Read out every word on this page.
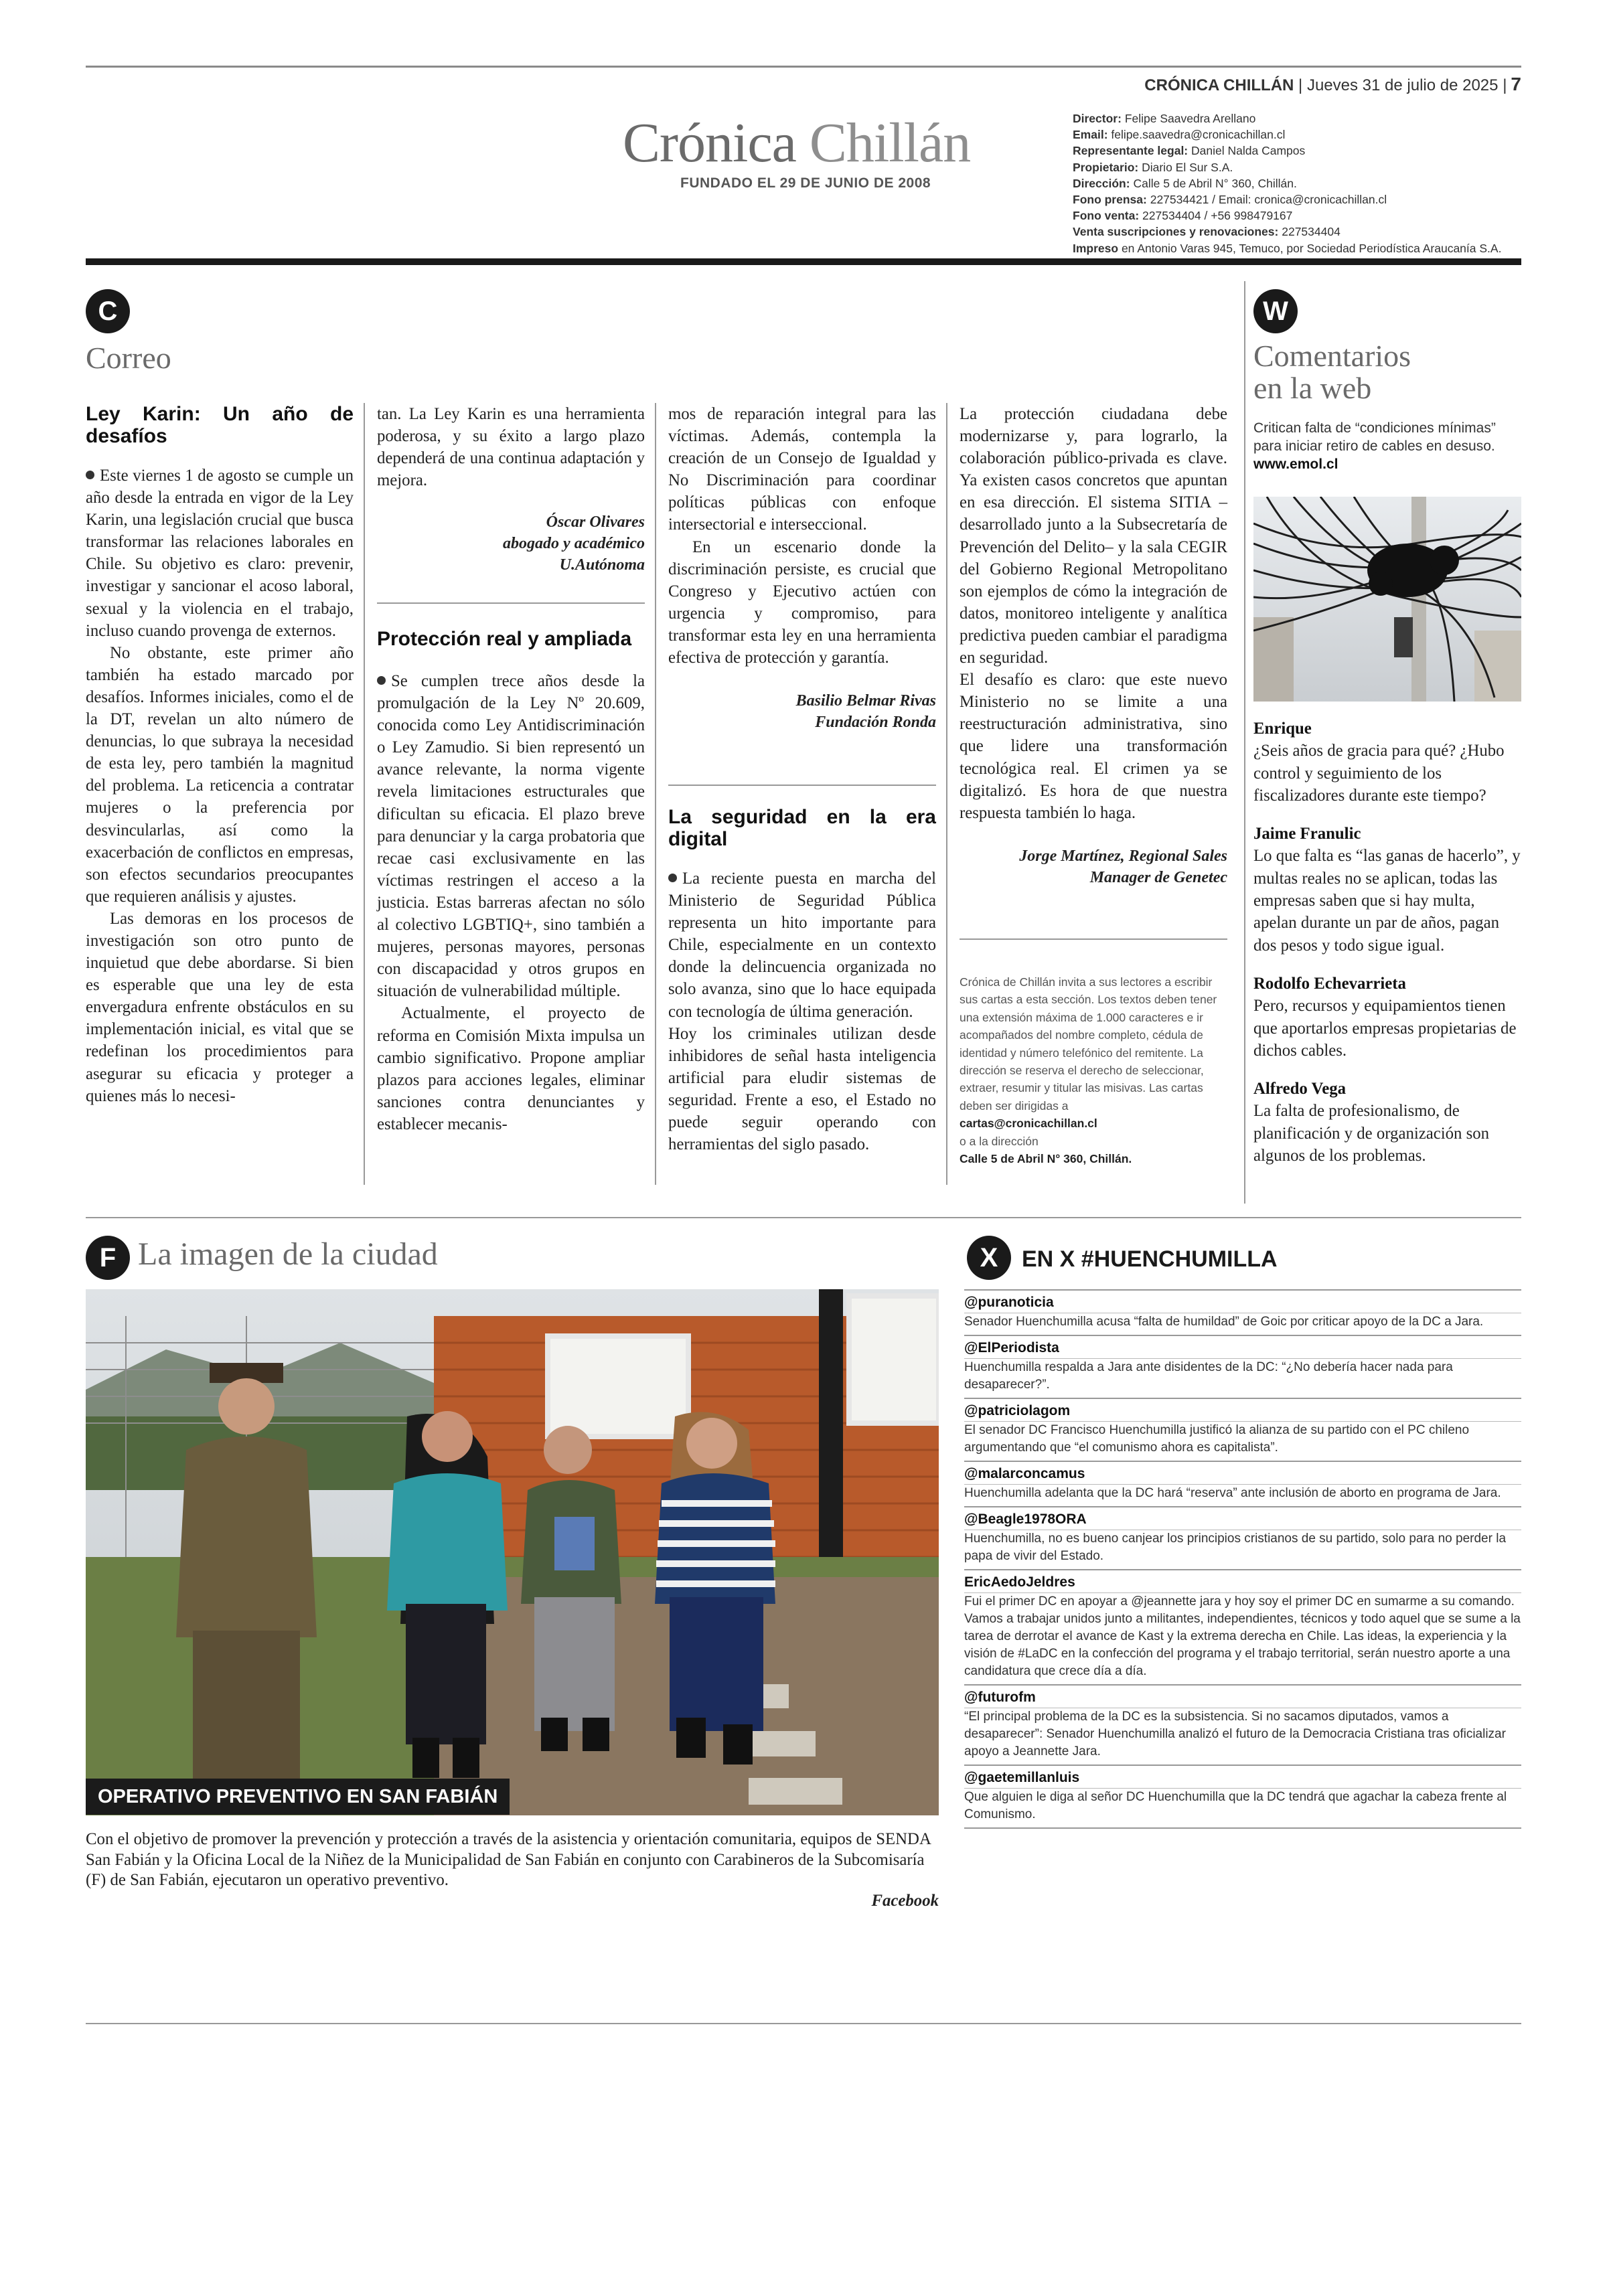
CRÓNICA CHILLÁN | Jueves 31 de julio de 2025 | 7
Crónica Chillán
FUNDADO EL 29 DE JUNIO DE 2008
Director: Felipe Saavedra Arellano
Email: felipe.saavedra@cronicachillan.cl
Representante legal: Daniel Nalda Campos
Propietario: Diario El Sur S.A.
Dirección: Calle 5 de Abril N° 360, Chillán.
Fono prensa: 227534421 / Email: cronica@cronicachillan.cl
Fono venta: 227534404 / +56 998479167
Venta suscripciones y renovaciones: 227534404
Impreso en Antonio Varas 945, Temuco, por Sociedad Periodística Araucanía S.A.
C
Correo
Ley Karin: Un año de desafíos

Este viernes 1 de agosto se cumple un año desde la entrada en vigor de la Ley Karin, una legislación crucial que busca transformar las relaciones laborales en Chile. Su objetivo es claro: prevenir, investigar y sancionar el acoso laboral, sexual y la violencia en el trabajo, incluso cuando provenga de externos.

No obstante, este primer año también ha estado marcado por desafíos. Informes iniciales, como el de la DT, revelan un alto número de denuncias, lo que subraya la necesidad de esta ley, pero también la magnitud del problema. La reticencia a contratar mujeres o la preferencia por desvincularlas, así como la exacerbación de conflictos en empresas, son efectos secundarios preocupantes que requieren análisis y ajustes.

Las demoras en los procesos de investigación son otro punto de inquietud que debe abordarse. Si bien es esperable que una ley de esta envergadura enfrente obstáculos en su implementación inicial, es vital que se redefinan los procedimientos para asegurar su eficacia y proteger a quienes más lo necesi-

tan. La Ley Karin es una herramienta poderosa, y su éxito a largo plazo dependerá de una continua adaptación y mejora.

Óscar Olivares
abogado y académico
U.Autónoma
Protección real y ampliada

Se cumplen trece años desde la promulgación de la Ley Nº 20.609, conocida como Ley Antidiscriminación o Ley Zamudio. Si bien representó un avance relevante, la norma vigente revela limitaciones estructurales que dificultan su eficacia. El plazo breve para denunciar y la carga probatoria que recae casi exclusivamente en las víctimas restringen el acceso a la justicia. Estas barreras afectan no sólo al colectivo LGBTIQ+, sino también a mujeres, personas mayores, personas con discapacidad y otros grupos en situación de vulnerabilidad múltiple.

Actualmente, el proyecto de reforma en Comisión Mixta impulsa un cambio significativo. Propone ampliar plazos para acciones legales, eliminar sanciones contra denunciantes y establecer mecanis-

mos de reparación integral para las víctimas. Además, contempla la creación de un Consejo de Igualdad y No Discriminación para coordinar políticas públicas con enfoque intersectorial e interseccional.

En un escenario donde la discriminación persiste, es crucial que Congreso y Ejecutivo actúen con urgencia y compromiso, para transformar esta ley en una herramienta efectiva de protección y garantía.

Basilio Belmar Rivas
Fundación Ronda
La seguridad en la era digital

La reciente puesta en marcha del Ministerio de Seguridad Pública representa un hito importante para Chile, especialmente en un contexto donde la delincuencia organizada no solo avanza, sino que lo hace equipada con tecnología de última generación.

Hoy los criminales utilizan desde inhibidores de señal hasta inteligencia artificial para eludir sistemas de seguridad. Frente a eso, el Estado no puede seguir operando con herramientas del siglo pasado.

La protección ciudadana debe modernizarse y, para lograrlo, la colaboración público-privada es clave. Ya existen casos concretos que apuntan en esa dirección. El sistema SITIA –desarrollado junto a la Subsecretaría de Prevención del Delito– y la sala CEGIR del Gobierno Regional Metropolitano son ejemplos de cómo la integración de datos, monitoreo inteligente y analítica predictiva pueden cambiar el paradigma en seguridad.

El desafío es claro: que este nuevo Ministerio no se limite a una reestructuración administrativa, sino que lidere una transformación tecnológica real. El crimen ya se digitalizó. Es hora de que nuestra respuesta también lo haga.

Jorge Martínez, Regional Sales
Manager de Genetec
Crónica de Chillán invita a sus lectores a escribir sus cartas a esta sección. Los textos deben tener una extensión máxima de 1.000 caracteres e ir acompañados del nombre completo, cédula de identidad y número telefónico del remitente. La dirección se reserva el derecho de seleccionar, extraer, resumir y titular las misivas. Las cartas deben ser dirigidas a
cartas@cronicachillan.cl
o a la dirección
Calle 5 de Abril N° 360, Chillán.
W
Comentarios
en la web
Critican falta de “condiciones mínimas” para iniciar retiro de cables en desuso.
www.emol.cl
Enrique
¿Seis años de gracia para qué? ¿Hubo control y seguimiento de los fiscalizadores durante este tiempo?
Jaime Franulic
Lo que falta es “las ganas de hacerlo”, y multas reales no se aplican, todas las empresas saben que si hay multa, apelan durante un par de años, pagan dos pesos y todo sigue igual.
Rodolfo Echevarrieta
Pero, recursos y equipamientos tienen que aportarlos empresas propietarias de dichos cables.
Alfredo Vega
La falta de profesionalismo, de planificación y de organización son algunos de los problemas.
F La imagen de la ciudad
OPERATIVO PREVENTIVO EN SAN FABIÁN
Con el objetivo de promover la prevención y protección a través de la asistencia y orientación comunitaria, equipos de SENDA San Fabián y la Oficina Local de la Niñez de la Municipalidad de San Fabián en conjunto con Carabineros de la Subcomisaría (F) de San Fabián, ejecutaron un operativo preventivo.
Facebook
X	EN X #HUENCHUMILLA
@puranoticia
Senador Huenchumilla acusa “falta de humildad” de Goic por criticar apoyo de la DC a Jara.
@ElPeriodista
Huenchumilla respalda a Jara ante disidentes de la DC: “¿No debería hacer nada para desaparecer?”.
@patriciolagom
El senador DC Francisco Huenchumilla justificó la alianza de su partido con el PC chileno argumentando que “el comunismo ahora es capitalista”.
@malarconcamus
Huenchumilla adelanta que la DC hará “reserva” ante inclusión de aborto en programa de Jara.
@Beagle1978ORA
Huenchumilla, no es bueno canjear los principios cristianos de su partido, solo para no perder la papa de vivir del Estado.
EricAedoJeldres
Fui el primer DC en apoyar a @jeannette jara y hoy soy el primer DC en sumarme a su comando. Vamos a trabajar unidos junto a militantes, independientes, técnicos y todo aquel que se sume a la tarea de derrotar el avance de Kast y la extrema derecha en Chile. Las ideas, la experiencia y la visión de #LaDC en la confección del programa y el trabajo territorial, serán nuestro aporte a una candidatura que crece día a día.
@futurofm
“El principal problema de la DC es la subsistencia. Si no sacamos diputados, vamos a desaparecer”: Senador Huenchumilla analizó el futuro de la Democracia Cristiana tras oficializar apoyo a Jeannette Jara.
@gaetemillanluis
Que alguien le diga al señor DC Huenchumilla que la DC tendrá que agachar la cabeza frente al Comunismo.
